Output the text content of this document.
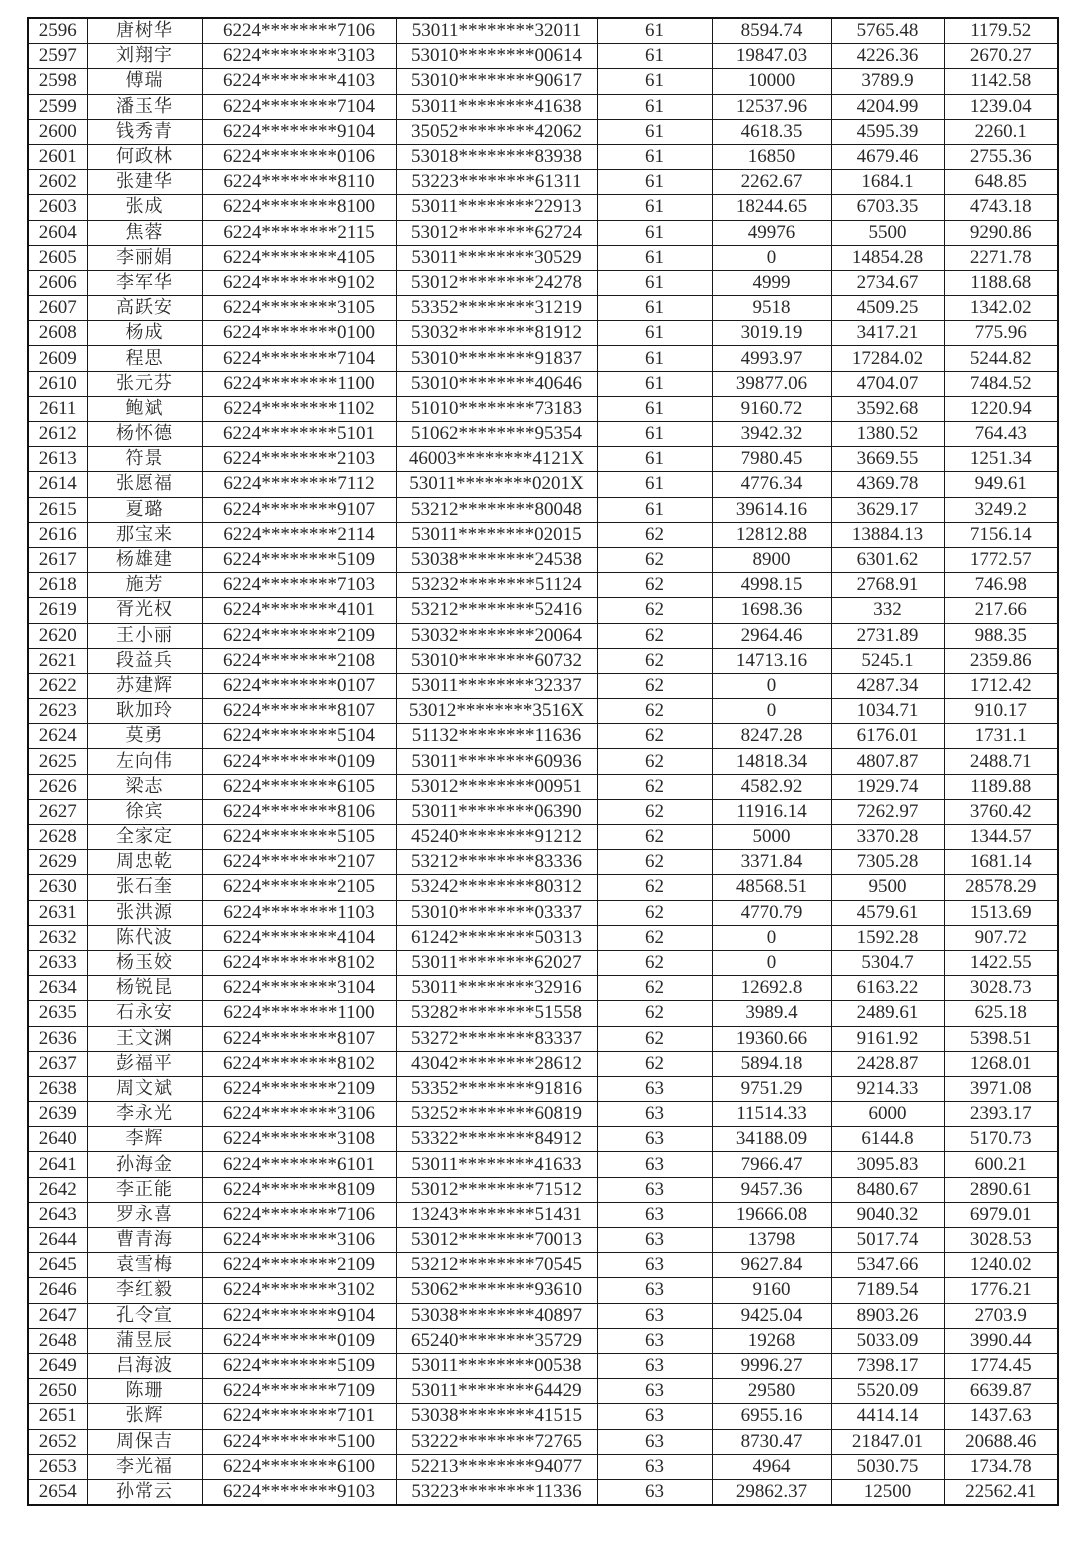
2596	唐树华	6224********7106	53011********32011	61	8594.74	5765.48	1179.52
2597	刘翔宇	6224********3103	53010********00614	61	19847.03	4226.36	2670.27
2598	傅瑞	6224********4103	53010********90617	61	10000	3789.9	1142.58
2599	潘玉华	6224********7104	53011********41638	61	12537.96	4204.99	1239.04
2600	钱秀青	6224********9104	35052********42062	61	4618.35	4595.39	2260.1
2601	何政林	6224********0106	53018********83938	61	16850	4679.46	2755.36
2602	张建华	6224********8110	53223********61311	61	2262.67	1684.1	648.85
2603	张成	6224********8100	53011********22913	61	18244.65	6703.35	4743.18
2604	焦蓉	6224********2115	53012********62724	61	49976	5500	9290.86
2605	李丽娟	6224********4105	53011********30529	61	0	14854.28	2271.78
2606	李军华	6224********9102	53012********24278	61	4999	2734.67	1188.68
2607	高跃安	6224********3105	53352********31219	61	9518	4509.25	1342.02
2608	杨成	6224********0100	53032********81912	61	3019.19	3417.21	775.96
2609	程思	6224********7104	53010********91837	61	4993.97	17284.02	5244.82
2610	张元芬	6224********1100	53010********40646	61	39877.06	4704.07	7484.52
2611	鲍斌	6224********1102	51010********73183	61	9160.72	3592.68	1220.94
2612	杨怀德	6224********5101	51062********95354	61	3942.32	1380.52	764.43
2613	符景	6224********2103	46003********4121X	61	7980.45	3669.55	1251.34
2614	张愿福	6224********7112	53011********0201X	61	4776.34	4369.78	949.61
2615	夏璐	6224********9107	53212********80048	61	39614.16	3629.17	3249.2
2616	那宝来	6224********2114	53011********02015	62	12812.88	13884.13	7156.14
2617	杨雄建	6224********5109	53038********24538	62	8900	6301.62	1772.57
2618	施芳	6224********7103	53232********51124	62	4998.15	2768.91	746.98
2619	胥光权	6224********4101	53212********52416	62	1698.36	332	217.66
2620	王小丽	6224********2109	53032********20064	62	2964.46	2731.89	988.35
2621	段益兵	6224********2108	53010********60732	62	14713.16	5245.1	2359.86
2622	苏建辉	6224********0107	53011********32337	62	0	4287.34	1712.42
2623	耿加玲	6224********8107	53012********3516X	62	0	1034.71	910.17
2624	莫勇	6224********5104	51132********11636	62	8247.28	6176.01	1731.1
2625	左向伟	6224********0109	53011********60936	62	14818.34	4807.87	2488.71
2626	梁志	6224********6105	53012********00951	62	4582.92	1929.74	1189.88
2627	徐宾	6224********8106	53011********06390	62	11916.14	7262.97	3760.42
2628	全家定	6224********5105	45240********91212	62	5000	3370.28	1344.57
2629	周忠乾	6224********2107	53212********83336	62	3371.84	7305.28	1681.14
2630	张石奎	6224********2105	53242********80312	62	48568.51	9500	28578.29
2631	张洪源	6224********1103	53010********03337	62	4770.79	4579.61	1513.69
2632	陈代波	6224********4104	61242********50313	62	0	1592.28	907.72
2633	杨玉姣	6224********8102	53011********62027	62	0	5304.7	1422.55
2634	杨锐昆	6224********3104	53011********32916	62	12692.8	6163.22	3028.73
2635	石永安	6224********1100	53282********51558	62	3989.4	2489.61	625.18
2636	王文渊	6224********8107	53272********83337	62	19360.66	9161.92	5398.51
2637	彭福平	6224********8102	43042********28612	62	5894.18	2428.87	1268.01
2638	周文斌	6224********2109	53352********91816	63	9751.29	9214.33	3971.08
2639	李永光	6224********3106	53252********60819	63	11514.33	6000	2393.17
2640	李辉	6224********3108	53322********84912	63	34188.09	6144.8	5170.73
2641	孙海金	6224********6101	53011********41633	63	7966.47	3095.83	600.21
2642	李正能	6224********8109	53012********71512	63	9457.36	8480.67	2890.61
2643	罗永喜	6224********7106	13243********51431	63	19666.08	9040.32	6979.01
2644	曹青海	6224********3106	53012********70013	63	13798	5017.74	3028.53
2645	袁雪梅	6224********2109	53212********70545	63	9627.84	5347.66	1240.02
2646	李红毅	6224********3102	53062********93610	63	9160	7189.54	1776.21
2647	孔令宣	6224********9104	53038********40897	63	9425.04	8903.26	2703.9
2648	蒲昱辰	6224********0109	65240********35729	63	19268	5033.09	3990.44
2649	吕海波	6224********5109	53011********00538	63	9996.27	7398.17	1774.45
2650	陈珊	6224********7109	53011********64429	63	29580	5520.09	6639.87
2651	张辉	6224********7101	53038********41515	63	6955.16	4414.14	1437.63
2652	周保吉	6224********5100	53222********72765	63	8730.47	21847.01	20688.46
2653	李光福	6224********6100	52213********94077	63	4964	5030.75	1734.78
2654	孙常云	6224********9103	53223********11336	63	29862.37	12500	22562.41
